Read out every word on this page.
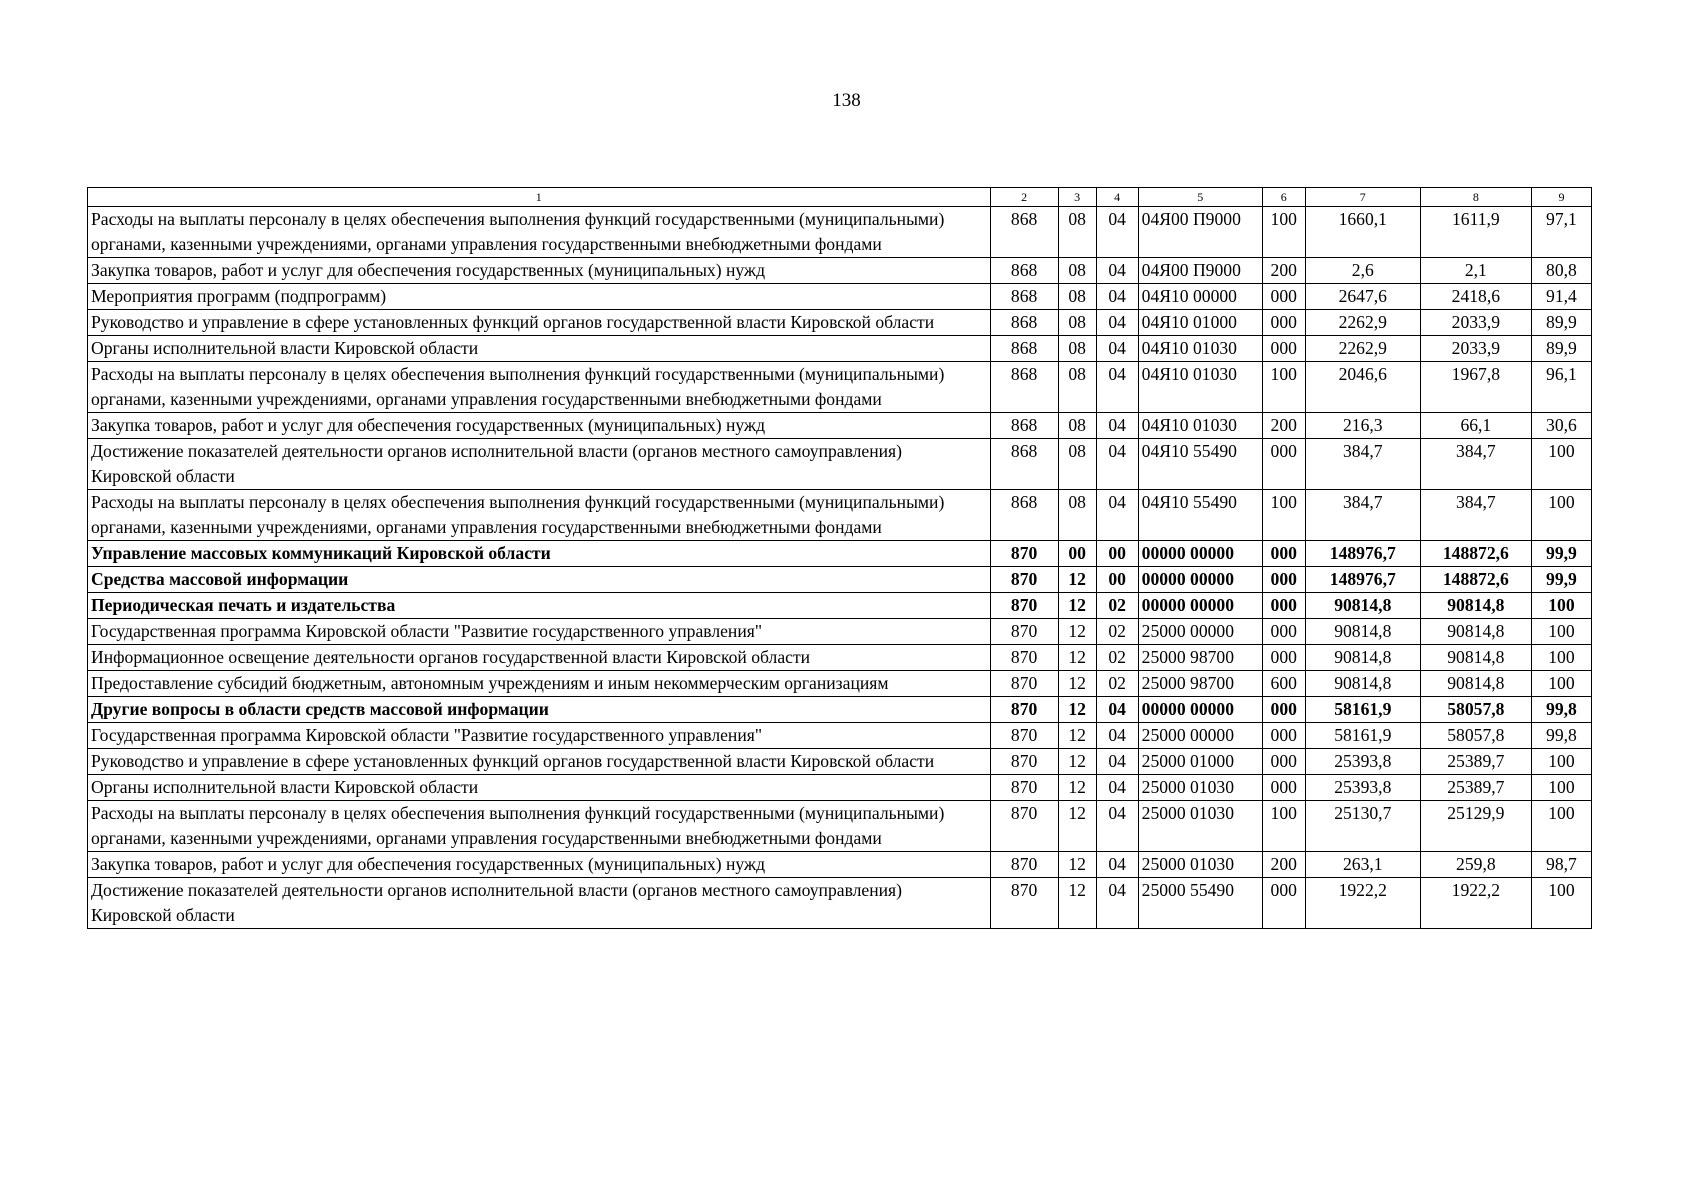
138
1	2	3	4	5	6	7	8	9
Расходы на выплаты персоналу в целях обеспечения выполнения функций государственными (муниципальными) органами, казенными учреждениями, органами управления государственными внебюджетными фондами	868	08	04	04Я00 П9000	100	1660,1	1611,9	97,1
Закупка товаров, работ и услуг для обеспечения государственных (муниципальных) нужд	868	08	04	04Я00 П9000	200	2,6	2,1	80,8
Мероприятия программ (подпрограмм)	868	08	04	04Я10 00000	000	2647,6	2418,6	91,4
Руководство и управление в сфере установленных функций органов государственной власти Кировской области	868	08	04	04Я10 01000	000	2262,9	2033,9	89,9
Органы исполнительной власти Кировской области	868	08	04	04Я10 01030	000	2262,9	2033,9	89,9
Расходы на выплаты персоналу в целях обеспечения выполнения функций государственными (муниципальными) органами, казенными учреждениями, органами управления государственными внебюджетными фондами	868	08	04	04Я10 01030	100	2046,6	1967,8	96,1
Закупка товаров, работ и услуг для обеспечения государственных (муниципальных) нужд	868	08	04	04Я10 01030	200	216,3	66,1	30,6
Достижение показателей деятельности органов исполнительной власти (органов местного самоуправления) Кировской области	868	08	04	04Я10 55490	000	384,7	384,7	100
Расходы на выплаты персоналу в целях обеспечения выполнения функций государственными (муниципальными) органами, казенными учреждениями, органами управления государственными внебюджетными фондами	868	08	04	04Я10 55490	100	384,7	384,7	100
Управление массовых коммуникаций Кировской области	870	00	00	00000 00000	000	148976,7	148872,6	99,9
Средства массовой информации	870	12	00	00000 00000	000	148976,7	148872,6	99,9
Периодическая печать и издательства	870	12	02	00000 00000	000	90814,8	90814,8	100
Государственная программа Кировской области "Развитие государственного управления"	870	12	02	25000 00000	000	90814,8	90814,8	100
Информационное освещение деятельности органов государственной власти Кировской области	870	12	02	25000 98700	000	90814,8	90814,8	100
Предоставление субсидий бюджетным, автономным учреждениям и иным некоммерческим организациям	870	12	02	25000 98700	600	90814,8	90814,8	100
Другие вопросы в области средств массовой информации	870	12	04	00000 00000	000	58161,9	58057,8	99,8
Государственная программа Кировской области "Развитие государственного управления"	870	12	04	25000 00000	000	58161,9	58057,8	99,8
Руководство и управление в сфере установленных функций органов государственной власти Кировской области	870	12	04	25000 01000	000	25393,8	25389,7	100
Органы исполнительной власти Кировской области	870	12	04	25000 01030	000	25393,8	25389,7	100
Расходы на выплаты персоналу в целях обеспечения выполнения функций государственными (муниципальными) органами, казенными учреждениями, органами управления государственными внебюджетными фондами	870	12	04	25000 01030	100	25130,7	25129,9	100
Закупка товаров, работ и услуг для обеспечения государственных (муниципальных) нужд	870	12	04	25000 01030	200	263,1	259,8	98,7
Достижение показателей деятельности органов исполнительной власти (органов местного самоуправления) Кировской области	870	12	04	25000 55490	000	1922,2	1922,2	100
